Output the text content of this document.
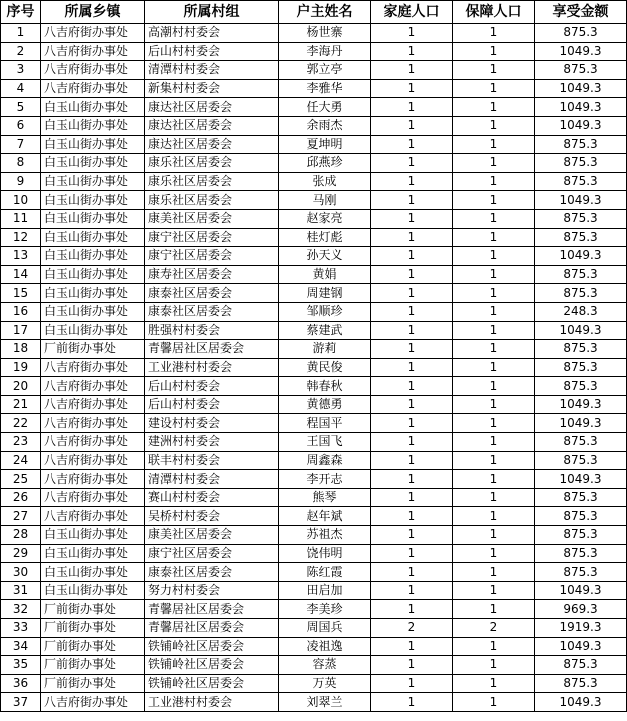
序号	所属乡镇	所属村组	户主姓名	家庭人口	保障人口	享受金额
1	八吉府街办事处	高潮村村委会	杨世寨	1	1	875.3
2	八吉府街办事处	后山村村委会	李海丹	1	1	1049.3
3	八吉府街办事处	清潭村村委会	郭立亭	1	1	875.3
4	八吉府街办事处	新集村村委会	李雅华	1	1	1049.3
5	白玉山街办事处	康达社区居委会	任大勇	1	1	1049.3
6	白玉山街办事处	康达社区居委会	余雨杰	1	1	1049.3
7	白玉山街办事处	康达社区居委会	夏坤明	1	1	875.3
8	白玉山街办事处	康乐社区居委会	邱燕珍	1	1	875.3
9	白玉山街办事处	康乐社区居委会	张成	1	1	875.3
10	白玉山街办事处	康乐社区居委会	马刚	1	1	1049.3
11	白玉山街办事处	康美社区居委会	赵家亮	1	1	875.3
12	白玉山街办事处	康宁社区居委会	桂灯彪	1	1	875.3
13	白玉山街办事处	康宁社区居委会	孙天义	1	1	1049.3
14	白玉山街办事处	康寿社区居委会	黄娟	1	1	875.3
15	白玉山街办事处	康泰社区居委会	周建钢	1	1	875.3
16	白玉山街办事处	康泰社区居委会	邹顺珍	1	1	248.3
17	白玉山街办事处	胜强村村委会	蔡建武	1	1	1049.3
18	厂前街办事处	青馨居社区居委会	游莉	1	1	875.3
19	八吉府街办事处	工业港村村委会	黄民俊	1	1	875.3
20	八吉府街办事处	后山村村委会	韩春秋	1	1	875.3
21	八吉府街办事处	后山村村委会	黄德勇	1	1	1049.3
22	八吉府街办事处	建设村村委会	程国平	1	1	1049.3
23	八吉府街办事处	建洲村村委会	王国飞	1	1	875.3
24	八吉府街办事处	联丰村村委会	周鑫森	1	1	875.3
25	八吉府街办事处	清潭村村委会	李开志	1	1	1049.3
26	八吉府街办事处	赛山村村委会	熊琴	1	1	875.3
27	八吉府街办事处	吴桥村村委会	赵年斌	1	1	875.3
28	白玉山街办事处	康美社区居委会	苏祖杰	1	1	875.3
29	白玉山街办事处	康宁社区居委会	饶伟明	1	1	875.3
30	白玉山街办事处	康泰社区居委会	陈红霞	1	1	875.3
31	白玉山街办事处	努力村村委会	田启加	1	1	1049.3
32	厂前街办事处	青馨居社区居委会	李美珍	1	1	969.3
33	厂前街办事处	青馨居社区居委会	周国兵	2	2	1919.3
34	厂前街办事处	铁铺岭社区居委会	凌祖逸	1	1	1049.3
35	厂前街办事处	铁铺岭社区居委会	容蒸	1	1	875.3
36	厂前街办事处	铁铺岭社区居委会	万英	1	1	875.3
37	八吉府街办事处	工业港村村委会	刘翠兰	1	1	1049.3
